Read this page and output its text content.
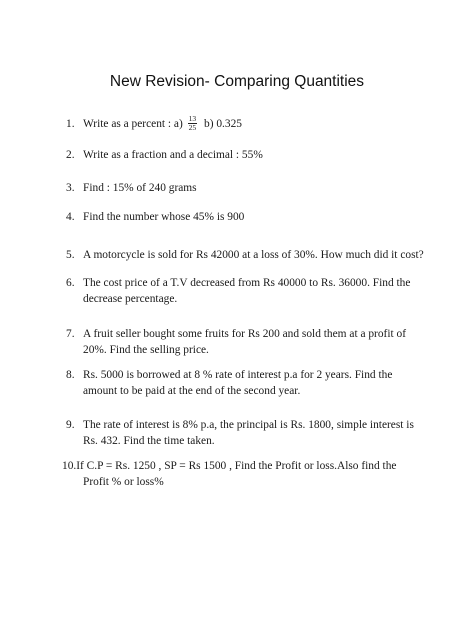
New Revision- Comparing Quantities
1. Write as a percent : $a) \frac{13}{25} b$) 0.325
2. Write as a fraction and a decimal : 55%
3. Find : 15% of 240 grams
4. Find the number whose 45% is 900
5. A motorcycle is sold for Rs 42000 at a loss of 30%. How much did it cost?
6. The cost price of a T.V decreased from Rs 40000 to Rs. 36000. Find the
decrease percentage.
7. A fruit seller bought some fruits for Rs 200 and sold them at a profit of
20%. Find the selling price.
8. Rs. 5000 is borrowed at 8 % rate of interest p.a for 2 years. Find the
amount to be paid at the end of the second year.
9. The rate of interest is 8% p.a, the principal is Rs. 1800, simple interest is
Rs. 432. Find the time taken.
10. If C.P = Rs. 1250 , SP = Rs 1500 , Find the Profit or loss.Also find the
Profit % or loss%
